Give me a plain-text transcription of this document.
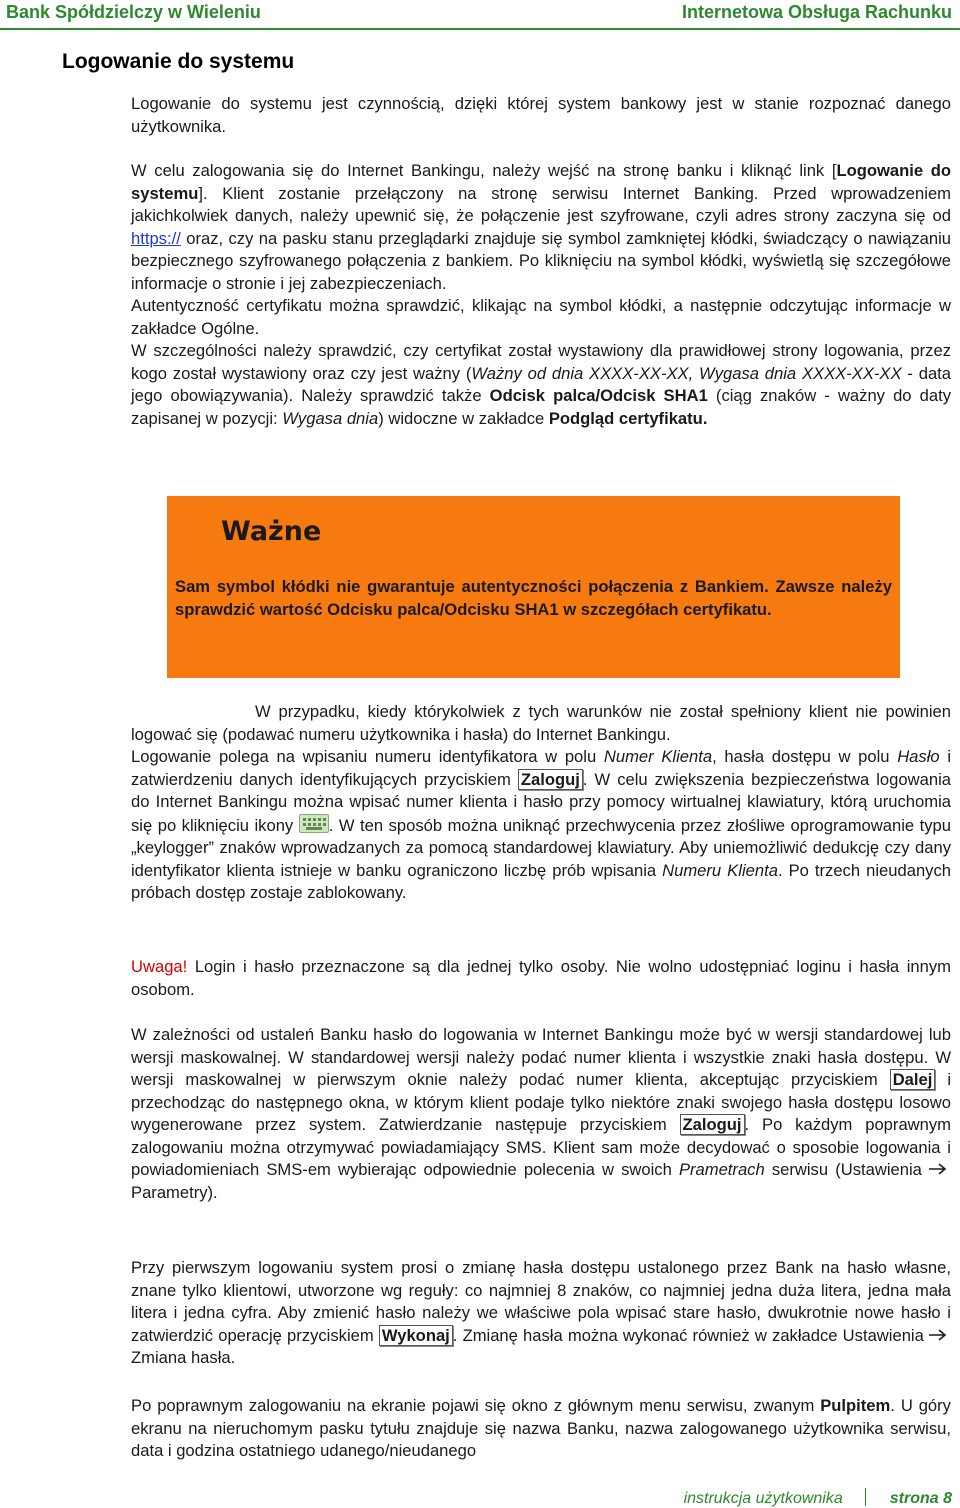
Bank Spółdzielczy w Wieleniu	Internetowa Obsługa Rachunku
Logowanie do systemu

Logowanie do systemu jest czynnością, dzięki której system bankowy jest w stanie rozpoznać danego użytkownika.

W celu zalogowania się do Internet Bankingu, należy wejść na stronę banku i kliknąć link [Logowanie do systemu]. Klient zostanie przełączony na stronę serwisu Internet Banking. Przed wprowadzeniem jakichkolwiek danych, należy upewnić się, że połączenie jest szyfrowane, czyli adres strony zaczyna się od https:// oraz, czy na pasku stanu przeglądarki znajduje się symbol zamkniętej kłódki, świadczący o nawiązaniu bezpiecznego szyfrowanego połączenia z bankiem. Po kliknięciu na symbol kłódki, wyświetlą się szczegółowe informacje o stronie i jej zabezpieczeniach.
Autentyczność certyfikatu można sprawdzić, klikając na symbol kłódki, a następnie odczytując informacje w zakładce Ogólne.
W szczególności należy sprawdzić, czy certyfikat został wystawiony dla prawidłowej strony logowania, przez kogo został wystawiony oraz czy jest ważny (Ważny od dnia XXXX-XX-XX, Wygasa dnia XXXX-XX-XX - data jego obowiązywania). Należy sprawdzić także Odcisk palca/Odcisk SHA1 (ciąg znaków - ważny do daty zapisanej w pozycji: Wygasa dnia) widoczne w zakładce Podgląd certyfikatu.

Ważne

Sam symbol kłódki nie gwarantuje autentyczności połączenia z Bankiem. Zawsze należy sprawdzić wartość Odcisku palca/Odcisku SHA1 w szczegółach certyfikatu.

W przypadku, kiedy którykolwiek z tych warunków nie został spełniony klient nie powinien logować się (podawać numeru użytkownika i hasła) do Internet Bankingu.
Logowanie polega na wpisaniu numeru identyfikatora w polu Numer Klienta, hasła dostępu w polu Hasło i zatwierdzeniu danych identyfikujących przyciskiem Zaloguj . W celu zwiększenia bezpieczeństwa logowania do Internet Bankingu można wpisać numer klienta i hasło przy pomocy wirtualnej klawiatury, którą uruchomia się po kliknięciu ikony
. W ten sposób można uniknąć przechwycenia przez złośliwe oprogramowanie typu „keylogger” znaków wprowadzanych za pomocą standardowej klawiatury. Aby uniemożliwić dedukcję czy dany identyfikator klienta istnieje w banku ograniczono liczbę prób wpisania Numeru Klienta. Po trzech nieudanych próbach dostęp zostaje zablokowany.

Uwaga! Login i hasło przeznaczone są dla jednej tylko osoby. Nie wolno udostępniać loginu i hasła innym osobom.

W zależności od ustaleń Banku hasło do logowania w Internet Bankingu może być w wersji standardowej lub wersji maskowalnej. W standardowej wersji należy podać numer klienta i wszystkie znaki hasła dostępu. W wersji maskowalnej w pierwszym oknie należy podać numer klienta, akceptując przyciskiem Dalej i przechodząc do następnego okna, w którym klient podaje tylko niektóre znaki swojego hasła dostępu losowo wygenerowane przez system. Zatwierdzanie następuje przyciskiem Zaloguj . Po każdym poprawnym zalogowaniu można otrzymywać powiadamiający SMS. Klient sam może decydować o sposobie logowania i powiadomieniach SMS-em wybierając odpowiednie polecenia w swoich Prametrach serwisu (Ustawienia  Parametry).

Przy pierwszym logowaniu system prosi o zmianę hasła dostępu ustalonego przez Bank na hasło własne, znane tylko klientowi, utworzone wg reguły: co najmniej 8 znaków, co najmniej jedna duża litera, jedna mała litera i jedna cyfra. Aby zmienić hasło należy we właściwe pola wpisać stare hasło, dwukrotnie nowe hasło i zatwierdzić operację przyciskiem Wykonaj . Zmianę hasła można wykonać również w zakładce Ustawienia  Zmiana hasła.

Po poprawnym zalogowaniu na ekranie pojawi się okno z głównym menu serwisu, zwanym Pulpitem. U góry ekranu na nieruchomym pasku tytułu znajduje się nazwa Banku, nazwa zalogowanego użytkownika serwisu, data i godzina ostatniego udanego/nieudanego

instrukcja użytkownika	strona 8
